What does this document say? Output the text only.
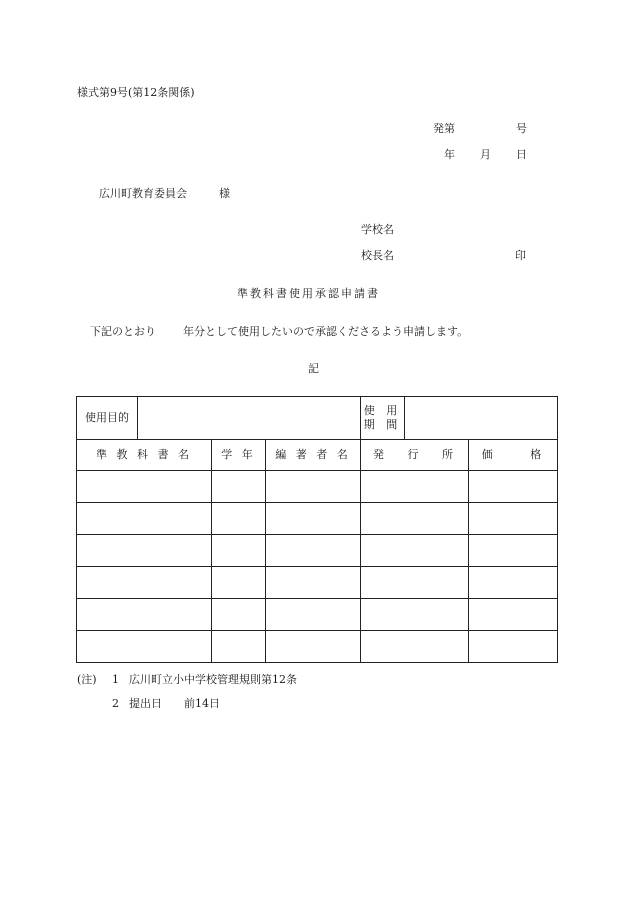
様式第9号(第12条関係)
発第	号
年 月 日
広川町教育委員会	様
学校名
校長名	印
準教科書使用承認申請書
下記のとおり 年分として使用したいので承認くださるよう申請します。
記
使用目的				使 用
期 間		

準 教 科 書 名		学 年	編 著 者 名	発　 行　 所		価　　 格

(注) 1 広川町立小中学校管理規則第12条
2 提出日　　前14日
